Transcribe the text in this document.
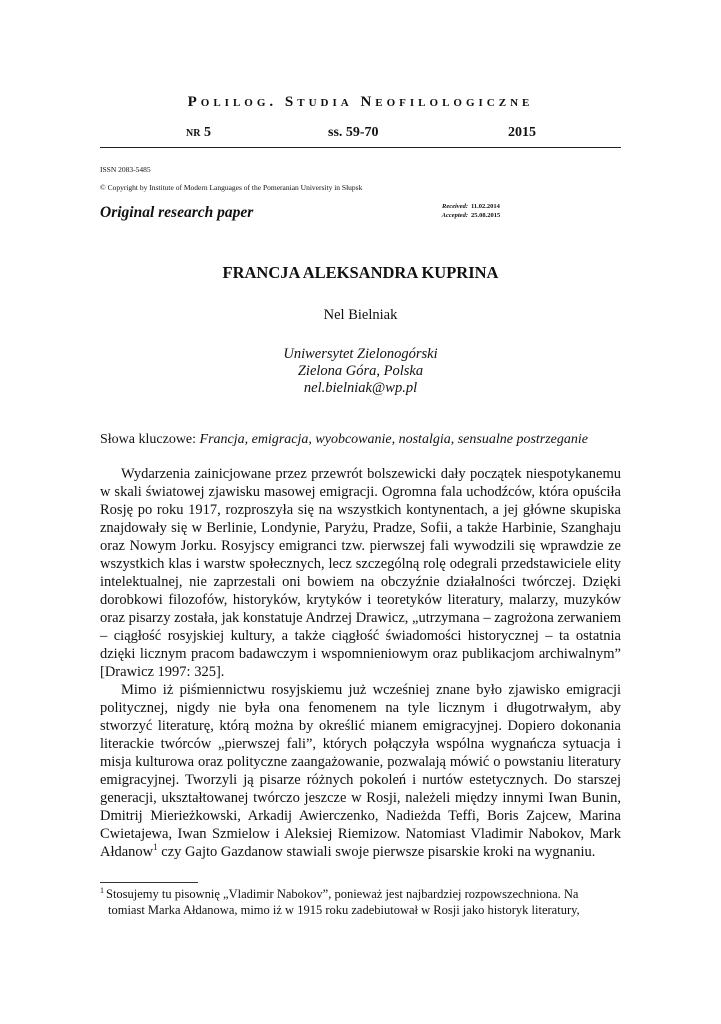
Polilog. Studia Neofilologiczne
nr 5	ss. 59-70	2015
ISSN 2083-5485
© Copyright by Institute of Modern Languages of the Pomeranian University in Słupsk
Original research paper	Received: 11.02.2014
Accepted: 25.08.2015
FRANCJA ALEKSANDRA KUPRINA
Nel Bielniak
Uniwersytet Zielonogórski
Zielona Góra, Polska
nel.bielniak@wp.pl
Słowa kluczowe: Francja, emigracja, wyobcowanie, nostalgia, sensualne postrzeganie

Wydarzenia zainicjowane przez przewrót bolszewicki dały początek niespotykanemu w skali światowej zjawisku masowej emigracji. Ogromna fala uchodźców, która opuściła Rosję po roku 1917, rozproszyła się na wszystkich kontynentach, a jej główne skupiska znajdowały się w Berlinie, Londynie, Paryżu, Pradze, Sofii, a także Harbinie, Szanghaju oraz Nowym Jorku. Rosyjscy emigranci tzw. pierwszej fali wywodzili się wprawdzie ze wszystkich klas i warstw społecznych, lecz szczególną rolę odegrali przedstawiciele elity intelektualnej, nie zaprzestali oni bowiem na obczyźnie działalności twórczej. Dzięki dorobkowi filozofów, historyków, krytyków i teoretyków literatury, malarzy, muzyków oraz pisarzy została, jak konstatuje Andrzej Drawicz, „utrzymana – zagrożona zerwaniem – ciągłość rosyjskiej kultury, a także ciągłość świadomości historycznej – ta ostatnia dzięki licznym pracom badawczym i wspomnieniowym oraz publikacjom archiwalnym” [Drawicz 1997: 325].

Mimo iż piśmiennictwu rosyjskiemu już wcześniej znane było zjawisko emigracji politycznej, nigdy nie była ona fenomenem na tyle licznym i długotrwałym, aby stworzyć literaturę, którą można by określić mianem emigracyjnej. Dopiero dokonania literackie twórców „pierwszej fali”, których połączyła wspólna wygnańcza sytuacja i misja kulturowa oraz polityczne zaangażowanie, pozwalają mówić o powstaniu literatury emigracyjnej. Tworzyli ją pisarze różnych pokoleń i nurtów estetycznych. Do starszej generacji, ukształtowanej twórczo jeszcze w Rosji, należeli między innymi Iwan Bunin, Dmitrij Mierieżkowski, Arkadij Awierczenko, Nadieżda Teffi, Boris Zajcew, Marina Cwietajewa, Iwan Szmielow i Aleksiej Riemizow. Natomiast Vladimir Nabokov, Mark Ałdanow$^1$ czy Gajto Gazdanow stawiali swoje pierwsze pisarskie kroki na wygnaniu.

$^1$ Stosujemy tu pisownię „Vladimir Nabokov”, ponieważ jest najbardziej rozpowszechniona. Na
tomiast Marka Ałdanowa, mimo iż w 1915 roku zadebiutował w Rosji jako historyk literatury,
